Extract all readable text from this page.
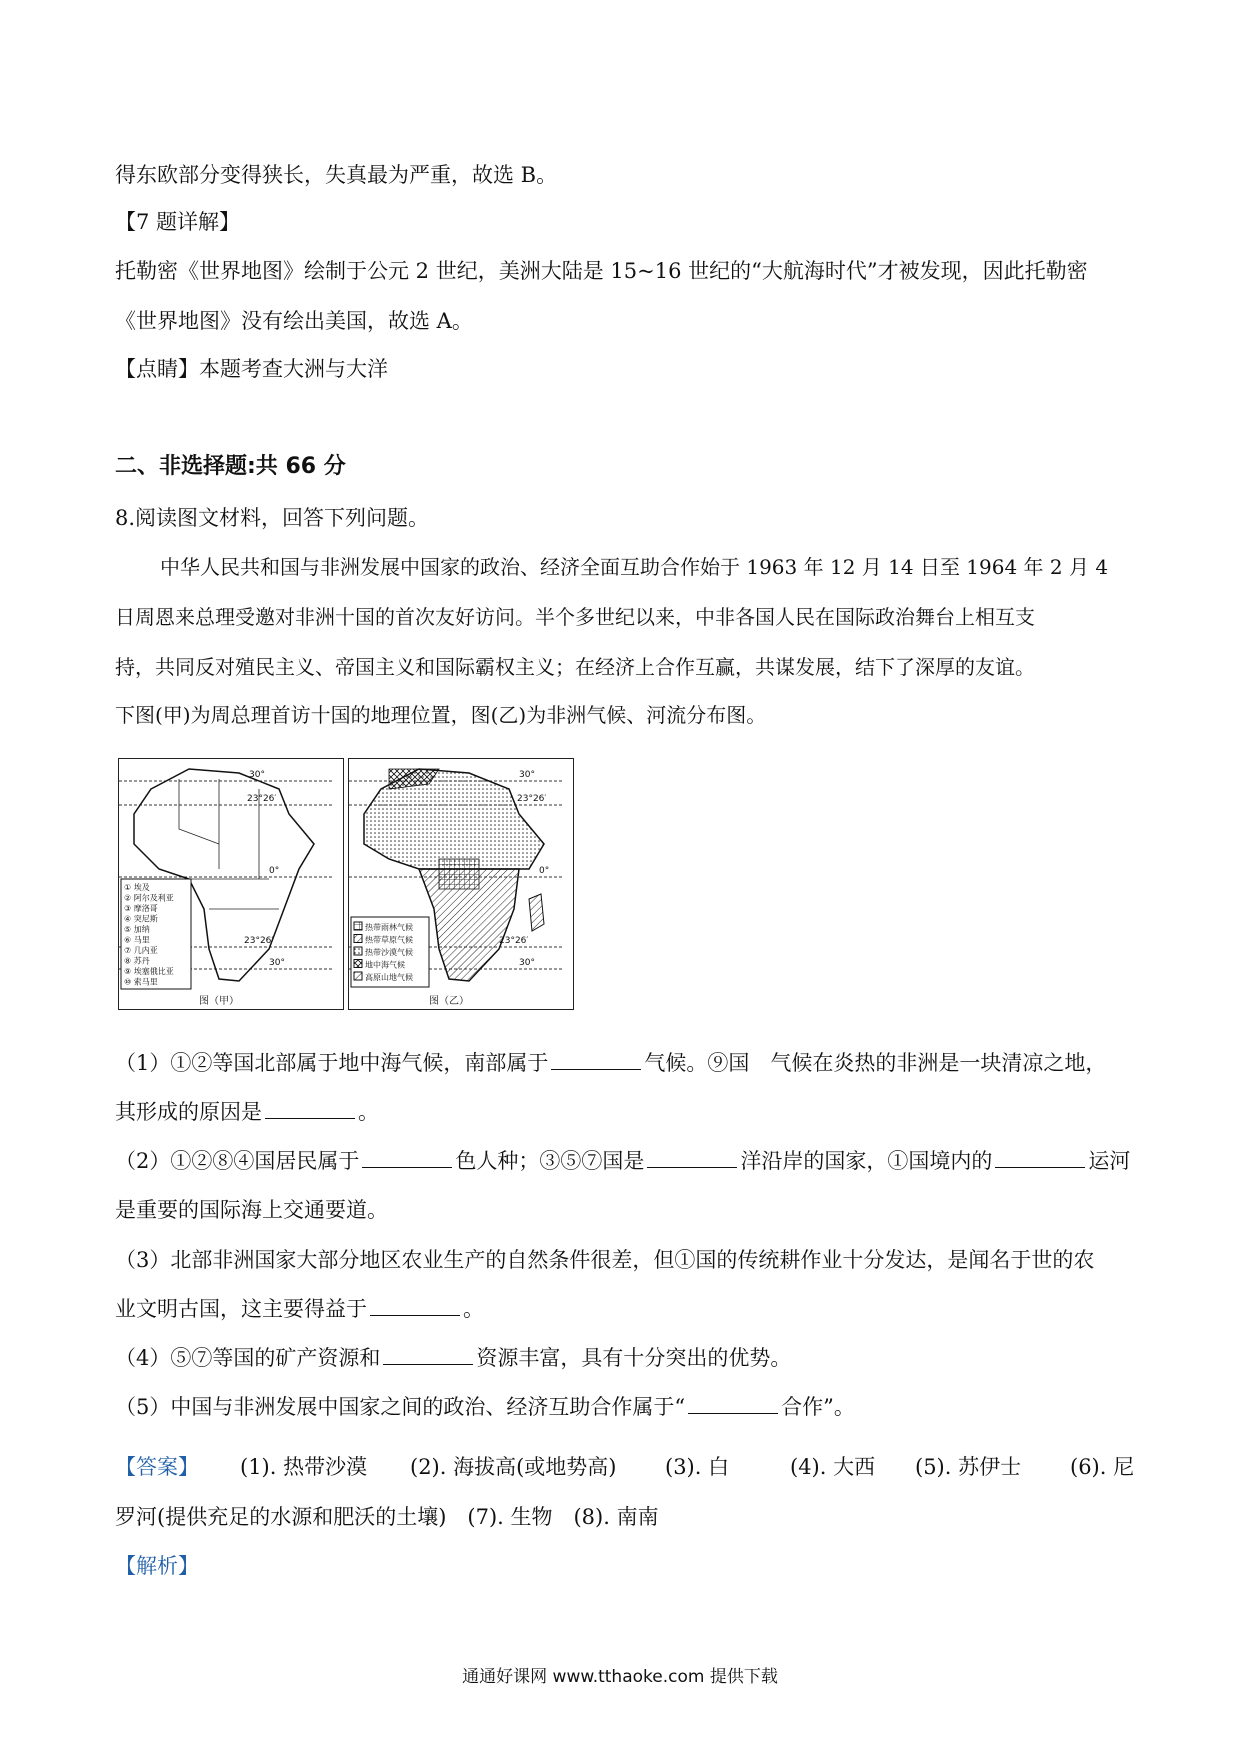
得东欧部分变得狭长，失真最为严重，故选 B。
【7 题详解】
托勒密《世界地图》绘制于公元 2 世纪，美洲大陆是 15~16 世纪的“大航海时代”才被发现，因此托勒密
《世界地图》没有绘出美国，故选 A。
【点睛】本题考查大洲与大洋
二、非选择题:共 66 分
8.阅读图文材料，回答下列问题。
中华人民共和国与非洲发展中国家的政治、经济全面互助合作始于 1963 年 12 月 14 日至 1964 年 2 月 4
日周恩来总理受邀对非洲十国的首次友好访问。半个多世纪以来，中非各国人民在国际政治舞台上相互支
持，共同反对殖民主义、帝国主义和国际霸权主义；在经济上合作互赢，共谋发展，结下了深厚的友谊。
下图(甲)为周总理首访十国的地理位置，图(乙)为非洲气候、河流分布图。
30°
23°26′
0°
23°26′
30°
① 埃及
② 阿尔及利亚
③ 摩洛哥
④ 突尼斯
⑤ 加纳
⑥ 马里
⑦ 几内亚
⑧ 苏丹
⑨ 埃塞俄比亚
⑩ 索马里
图（甲）
30°
23°26′
0°
23°26′
30°
热带雨林气候
热带草原气候
热带沙漠气候
地中海气候
高原山地气候
图（乙）
（1）①②等国北部属于地中海气候，南部属于	气候。⑨国　气候在炎热的非洲是一块清凉之地，
其形成的原因是	。
（2）①②⑧④国居民属于	色人种；③⑤⑦国是	洋沿岸的国家，①国境内的	运河
是重要的国际海上交通要道。
（3）北部非洲国家大部分地区农业生产的自然条件很差，但①国的传统耕作业十分发达，是闻名于世的农
业文明古国，这主要得益于	。
（4）⑤⑦等国的矿产资源和	资源丰富，具有十分突出的优势。
（5）中国与非洲发展中国家之间的政治、经济互助合作属于“	合作”。
【答案】 (1). 热带沙漠 (2). 海拔高(或地势高) (3). 白	(4). 大西 (5). 苏伊士 (6). 尼
罗河(提供充足的水源和肥沃的土壤)　(7). 生物　(8). 南南
【解析】
通通好课网 www.tthaoke.com 提供下载
